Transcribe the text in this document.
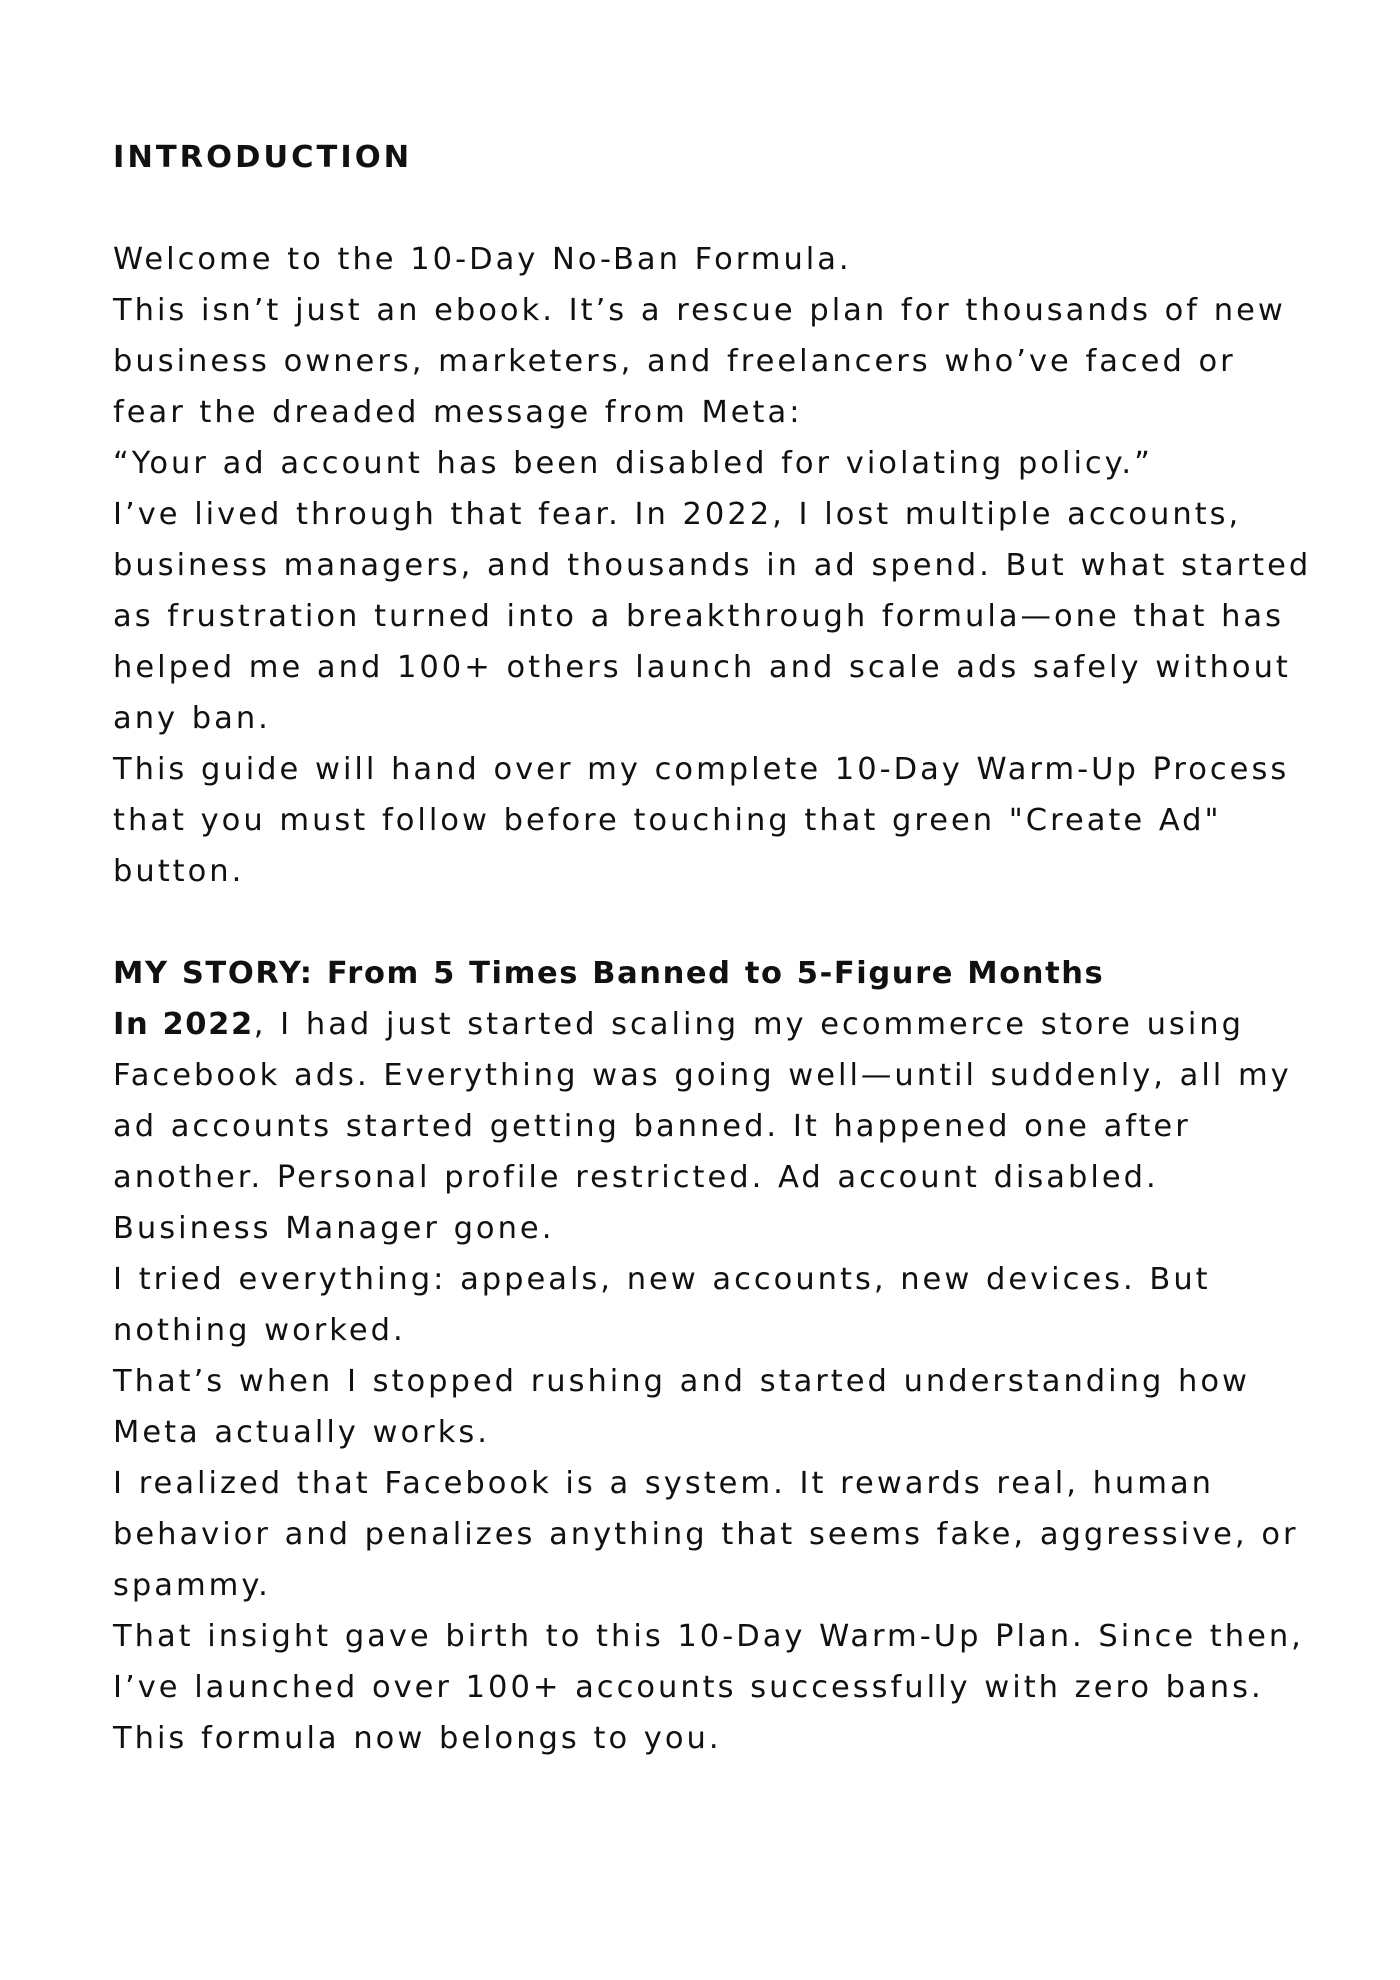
INTRODUCTION

Welcome to the 10-Day No-Ban Formula.

This isn’t just an ebook. It’s a rescue plan for thousands of new business owners, marketers, and freelancers who’ve faced or fear the dreaded message from Meta:

“Your ad account has been disabled for violating policy.”

I’ve lived through that fear. In 2022, I lost multiple accounts, business managers, and thousands in ad spend. But what started as frustration turned into a breakthrough formula—one that has helped me and 100+ others launch and scale ads safely without any ban.

This guide will hand over my complete 10-Day Warm-Up Process that you must follow before touching that green "Create Ad" button.

MY STORY: From 5 Times Banned to 5-Figure Months

In 2022, I had just started scaling my ecommerce store using Facebook ads. Everything was going well—until suddenly, all my ad accounts started getting banned. It happened one after another. Personal profile restricted. Ad account disabled. Business Manager gone.

I tried everything: appeals, new accounts, new devices. But nothing worked.

That’s when I stopped rushing and started understanding how Meta actually works.

I realized that Facebook is a system. It rewards real, human behavior and penalizes anything that seems fake, aggressive, or spammy.

That insight gave birth to this 10-Day Warm-Up Plan. Since then, I’ve launched over 100+ accounts successfully with zero bans. This formula now belongs to you.
